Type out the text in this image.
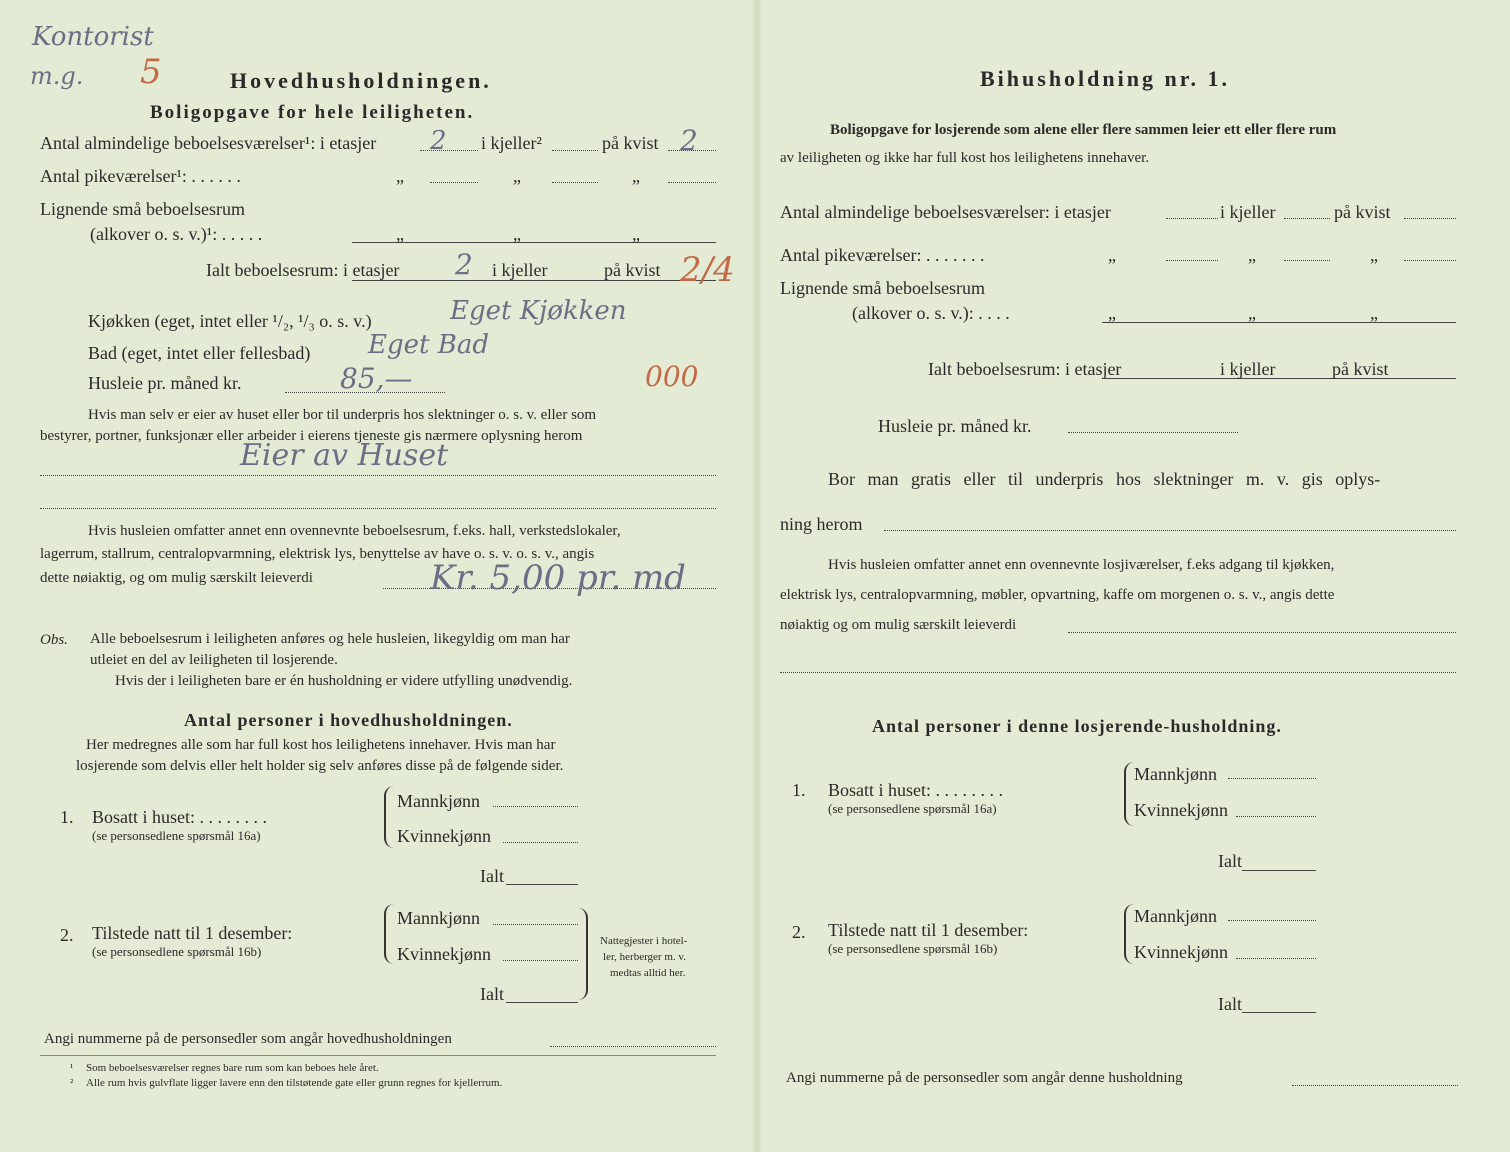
Kontorist
m.g. 5	Hovedhusholdningen.
Boligopgave for hele leiligheten.
Antal almindelige beboelsesværelser¹: i etasjer 2 i kjeller²	på kvist 2
Antal pikeværelser¹: . . . . . .	„	„	„
Lignende små beboelsesrum
(alkover o. s. v.)¹: . . . . .	„	„	„
Ialt beboelsesrum: i etasjer 2 i kjeller	på kvist 2/4
Kjøkken (eget, intet eller ¹/₂, ¹/₃ o. s. v.)	Eget Kjøkken
Bad (eget, intet eller fellesbad) Eget Bad
Husleie pr. måned kr.	85,—	000
Hvis man selv er eier av huset eller bor til underpris hos slektninger o. s. v. eller som
bestyrer, portner, funksjonær eller arbeider i eierens tjeneste gis nærmere oplysning herom
Eier av Huset
Hvis husleien omfatter annet enn ovennevnte beboelsesrum, f.eks. hall, verkstedslokaler,
lagerrum, stallrum, centralopvarmning, elektrisk lys, benyttelse av have o. s. v. o. s. v., angis
dette nøiaktig, og om mulig særskilt leieverdi	Kr. 5,00 pr. md
Obs. Alle beboelsesrum i leiligheten anføres og hele husleien, likegyldig om man har
utleiet en del av leiligheten til losjerende.
Hvis der i leiligheten bare er én husholdning er videre utfylling unødvendig.
Antal personer i hovedhusholdningen.
Her medregnes alle som har full kost hos leilighetens innehaver. Hvis man har
losjerende som delvis eller helt holder sig selv anføres disse på de følgende sider.
1. Bosatt i huset: . . . . . . . .
(se personsedlene spørsmål 16a)
Mannkjønn
Kvinnekjønn
Ialt
2. Tilstede natt til 1 desember:
(se personsedlene spørsmål 16b)
Mannkjønn
Kvinnekjønn
Ialt
Nattegjester i hotel-
ler, herberger m. v.
medtas alltid her.
Angi nummerne på de personsedler som angår hovedhusholdningen
¹ Som beboelsesværelser regnes bare rum som kan beboes hele året.
² Alle rum hvis gulvflate ligger lavere enn den tilstøtende gate eller grunn regnes for kjellerrum.
Bihusholdning nr. 1.
Boligopgave for losjerende som alene eller flere sammen leier ett eller flere rum
av leiligheten og ikke har full kost hos leilighetens innehaver.
Antal almindelige beboelsesværelser: i etasjer	i kjeller	på kvist
Antal pikeværelser: . . . . . . .	„	„	„
Lignende små beboelsesrum
(alkover o. s. v.): . . . .	„	„	„
Ialt beboelsesrum: i etasjer	i kjeller	på kvist
Husleie pr. måned kr.
Bor man gratis eller til underpris hos slektninger m. v. gis oplys-
ning herom
Hvis husleien omfatter annet enn ovennevnte losjiværelser, f.eks adgang til kjøkken,
elektrisk lys, centralopvarmning, møbler, opvartning, kaffe om morgenen o. s. v., angis dette
nøiaktig og om mulig særskilt leieverdi
Antal personer i denne losjerende-husholdning.
1. Bosatt i huset: . . . . . . . .
(se personsedlene spørsmål 16a)
Mannkjønn
Kvinnekjønn
Ialt
2. Tilstede natt til 1 desember:
(se personsedlene spørsmål 16b)
Mannkjønn
Kvinnekjønn
Ialt
Angi nummerne på de personsedler som angår denne husholdning
